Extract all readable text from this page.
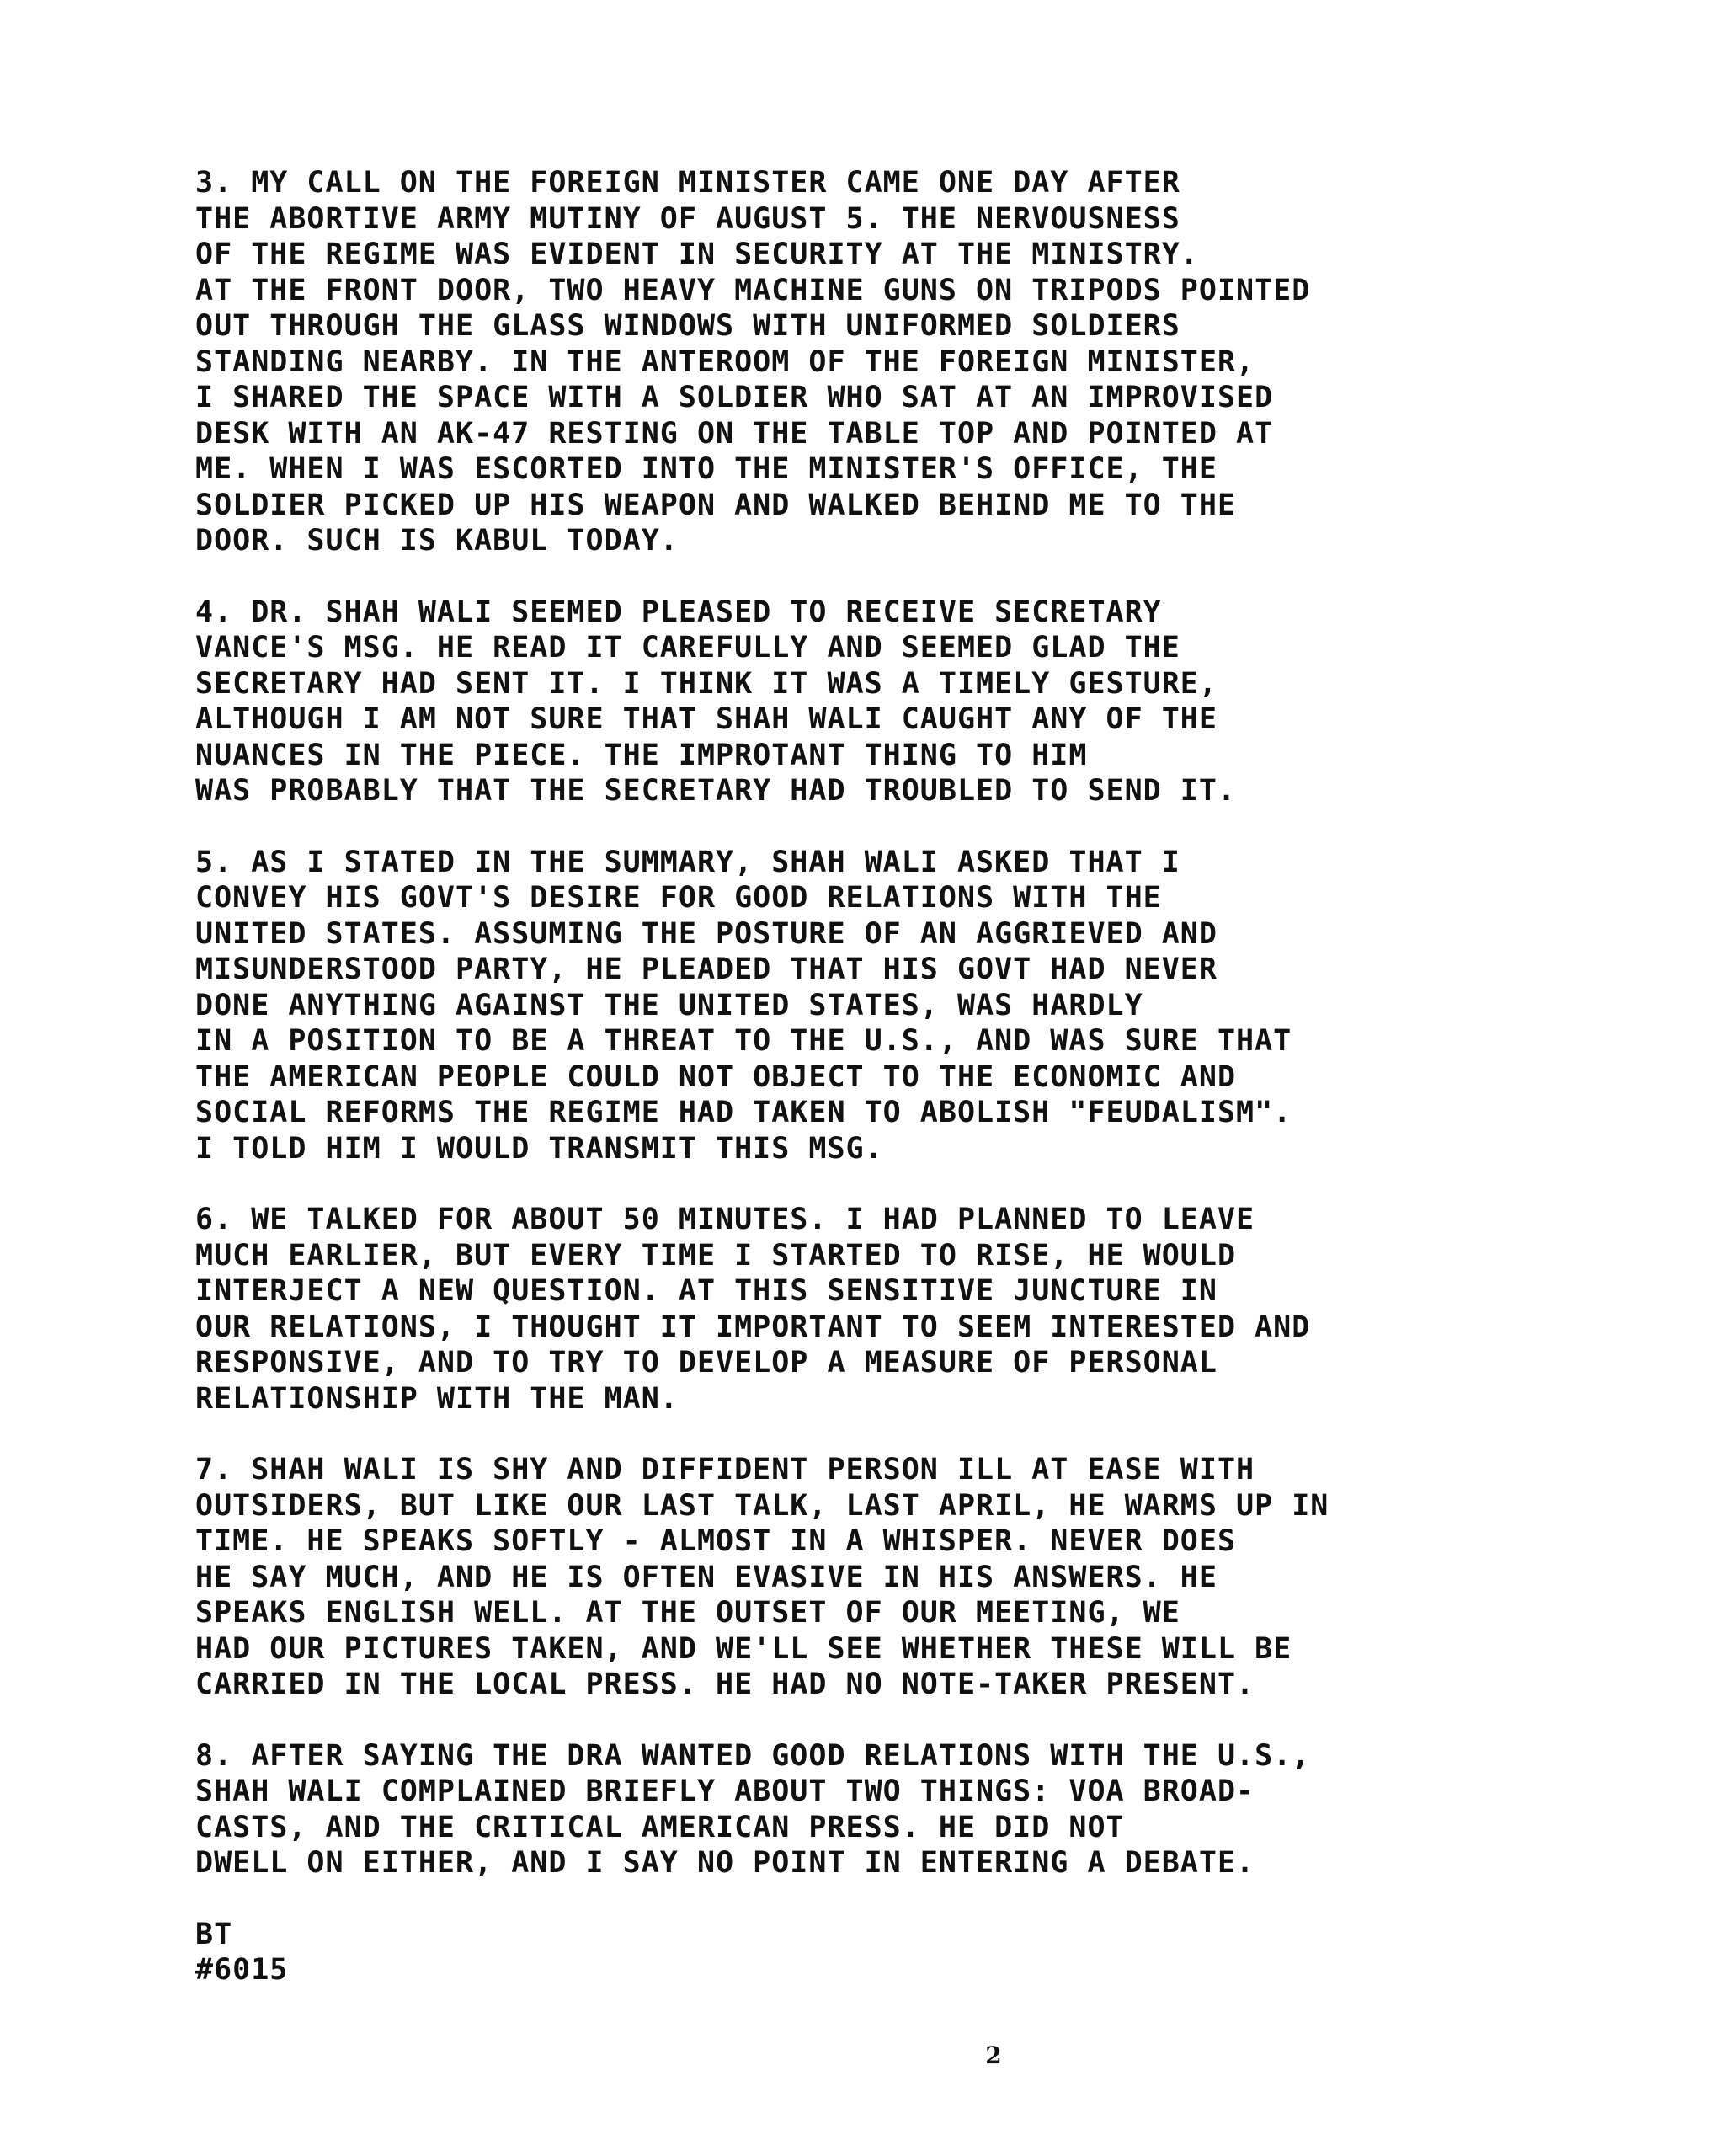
3. MY CALL ON THE FOREIGN MINISTER CAME ONE DAY AFTER
THE ABORTIVE ARMY MUTINY OF AUGUST 5. THE NERVOUSNESS
OF THE REGIME WAS EVIDENT IN SECURITY AT THE MINISTRY.
AT THE FRONT DOOR, TWO HEAVY MACHINE GUNS ON TRIPODS POINTED
OUT THROUGH THE GLASS WINDOWS WITH UNIFORMED SOLDIERS
STANDING NEARBY. IN THE ANTEROOM OF THE FOREIGN MINISTER,
I SHARED THE SPACE WITH A SOLDIER WHO SAT AT AN IMPROVISED
DESK WITH AN AK-47 RESTING ON THE TABLE TOP AND POINTED AT
ME. WHEN I WAS ESCORTED INTO THE MINISTER'S OFFICE, THE
SOLDIER PICKED UP HIS WEAPON AND WALKED BEHIND ME TO THE
DOOR. SUCH IS KABUL TODAY.
4. DR. SHAH WALI SEEMED PLEASED TO RECEIVE SECRETARY
VANCE'S MSG. HE READ IT CAREFULLY AND SEEMED GLAD THE
SECRETARY HAD SENT IT. I THINK IT WAS A TIMELY GESTURE,
ALTHOUGH I AM NOT SURE THAT SHAH WALI CAUGHT ANY OF THE
NUANCES IN THE PIECE. THE IMPROTANT THING TO HIM
WAS PROBABLY THAT THE SECRETARY HAD TROUBLED TO SEND IT.
5. AS I STATED IN THE SUMMARY, SHAH WALI ASKED THAT I
CONVEY HIS GOVT'S DESIRE FOR GOOD RELATIONS WITH THE
UNITED STATES. ASSUMING THE POSTURE OF AN AGGRIEVED AND
MISUNDERSTOOD PARTY, HE PLEADED THAT HIS GOVT HAD NEVER
DONE ANYTHING AGAINST THE UNITED STATES, WAS HARDLY
IN A POSITION TO BE A THREAT TO THE U.S., AND WAS SURE THAT
THE AMERICAN PEOPLE COULD NOT OBJECT TO THE ECONOMIC AND
SOCIAL REFORMS THE REGIME HAD TAKEN TO ABOLISH "FEUDALISM".
I TOLD HIM I WOULD TRANSMIT THIS MSG.
6. WE TALKED FOR ABOUT 50 MINUTES. I HAD PLANNED TO LEAVE
MUCH EARLIER, BUT EVERY TIME I STARTED TO RISE, HE WOULD
INTERJECT A NEW QUESTION. AT THIS SENSITIVE JUNCTURE IN
OUR RELATIONS, I THOUGHT IT IMPORTANT TO SEEM INTERESTED AND
RESPONSIVE, AND TO TRY TO DEVELOP A MEASURE OF PERSONAL
RELATIONSHIP WITH THE MAN.
7. SHAH WALI IS SHY AND DIFFIDENT PERSON ILL AT EASE WITH
OUTSIDERS, BUT LIKE OUR LAST TALK, LAST APRIL, HE WARMS UP IN
TIME. HE SPEAKS SOFTLY - ALMOST IN A WHISPER. NEVER DOES
HE SAY MUCH, AND HE IS OFTEN EVASIVE IN HIS ANSWERS. HE
SPEAKS ENGLISH WELL. AT THE OUTSET OF OUR MEETING, WE
HAD OUR PICTURES TAKEN, AND WE'LL SEE WHETHER THESE WILL BE
CARRIED IN THE LOCAL PRESS. HE HAD NO NOTE-TAKER PRESENT.
8. AFTER SAYING THE DRA WANTED GOOD RELATIONS WITH THE U.S.,
SHAH WALI COMPLAINED BRIEFLY ABOUT TWO THINGS: VOA BROAD-
CASTS, AND THE CRITICAL AMERICAN PRESS. HE DID NOT
DWELL ON EITHER, AND I SAY NO POINT IN ENTERING A DEBATE.
BT
#6015
2
